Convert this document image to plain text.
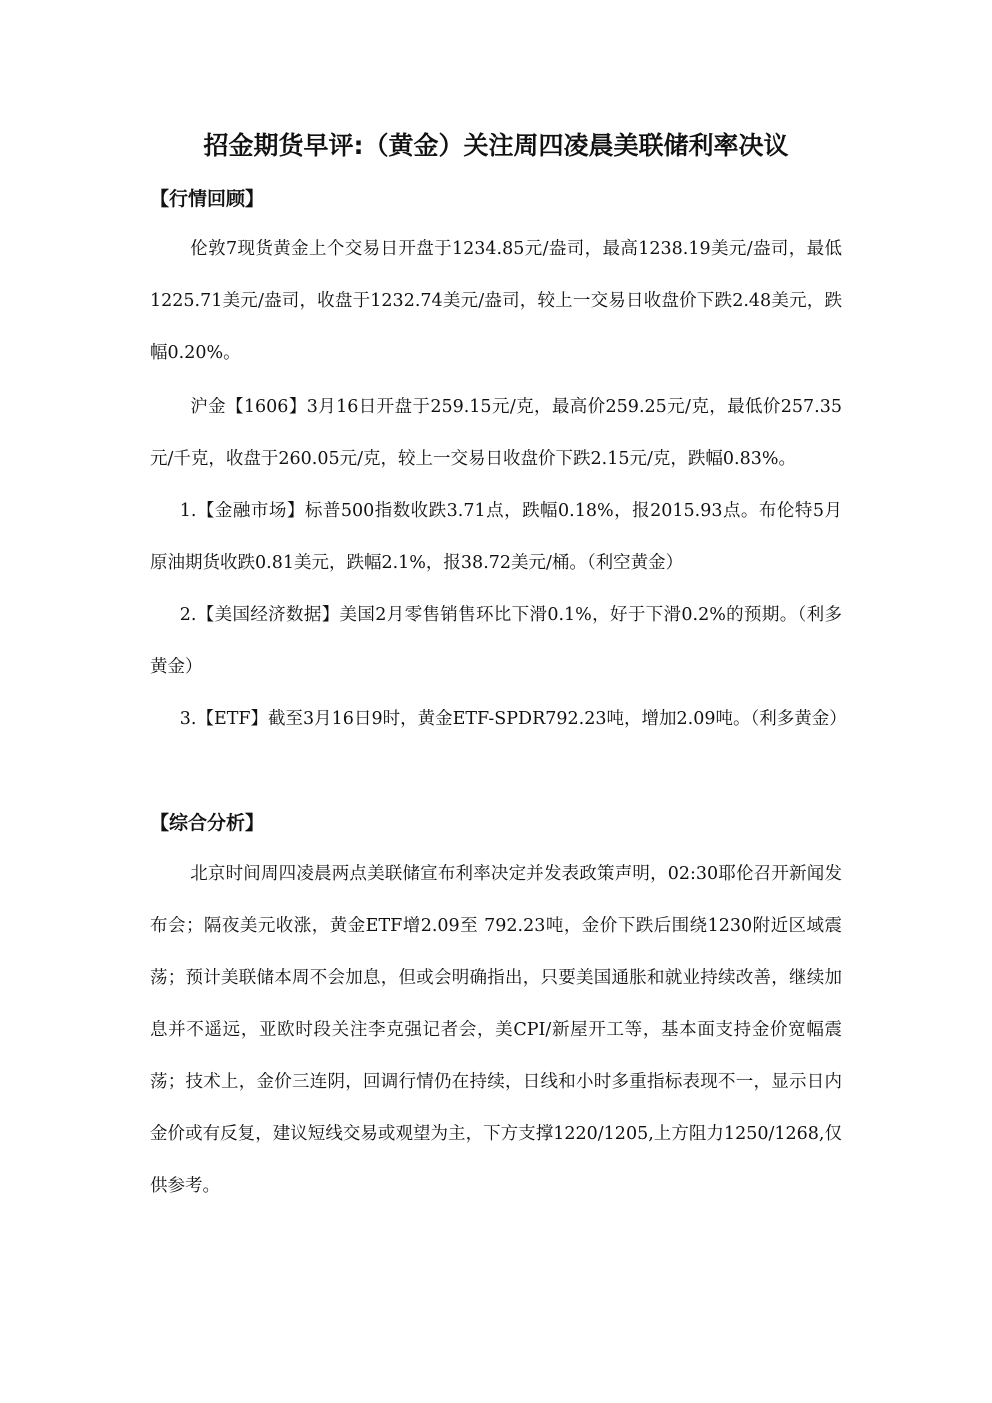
招金期货早评:（黄金）关注周四凌晨美联储利率决议
【行情回顾】

伦敦7现货黄金上个交易日开盘于1234.85元/盎司，最高1238.19美元/盎司，最低1225.71美元/盎司，收盘于1232.74美元/盎司，较上一交易日收盘价下跌2.48美元，跌幅0.20%。

沪金【1606】3月16日开盘于259.15元/克，最高价259.25元/克，最低价257.35元/千克，收盘于260.05元/克，较上一交易日收盘价下跌2.15元/克，跌幅0.83%。

1.【金融市场】标普500指数收跌3.71点，跌幅0.18%，报2015.93点。布伦特5月原油期货收跌0.81美元，跌幅2.1%，报38.72美元/桶。（利空黄金）

2.【美国经济数据】美国2月零售销售环比下滑0.1%，好于下滑0.2%的预期。（利多黄金）

3.【ETF】截至3月16日9时，黄金ETF-SPDR792.23吨，增加2.09吨。（利多黄金）

【综合分析】

北京时间周四凌晨两点美联储宣布利率决定并发表政策声明，02:30耶伦召开新闻发布会；隔夜美元收涨，黄金ETF增2.09至 792.23吨，金价下跌后围绕1230附近区域震荡；预计美联储本周不会加息，但或会明确指出，只要美国通胀和就业持续改善，继续加息并不遥远，亚欧时段关注李克强记者会，美CPI/新屋开工等，基本面支持金价宽幅震荡；技术上，金价三连阴，回调行情仍在持续，日线和小时多重指标表现不一，显示日内金价或有反复，建议短线交易或观望为主，下方支撑1220/1205,上方阻力1250/1268,仅供参考。
